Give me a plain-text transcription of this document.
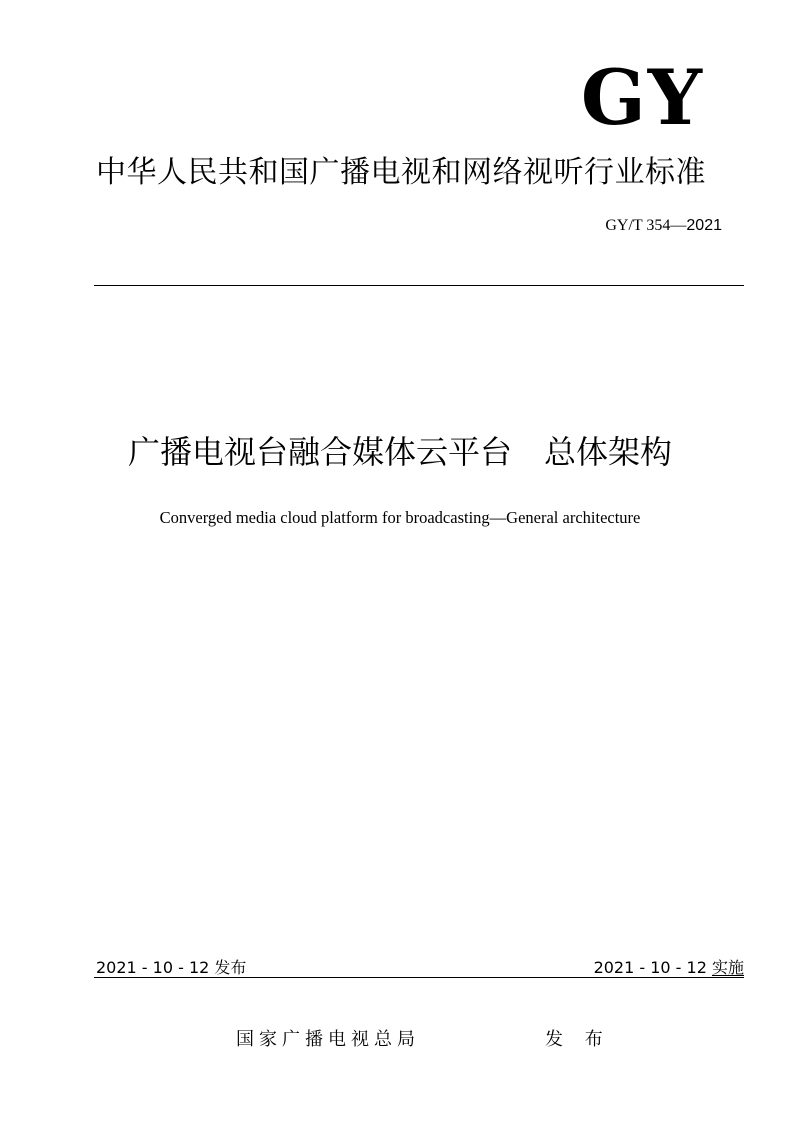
GY
中华人民共和国广播电视和网络视听行业标准
GY/T 354—2021
广播电视台融合媒体云平台　总体架构
Converged media cloud platform for broadcasting—General architecture
2021 - 10 - 12 发布	2021 - 10 - 12 实施
国家广播电视总局	发 布
